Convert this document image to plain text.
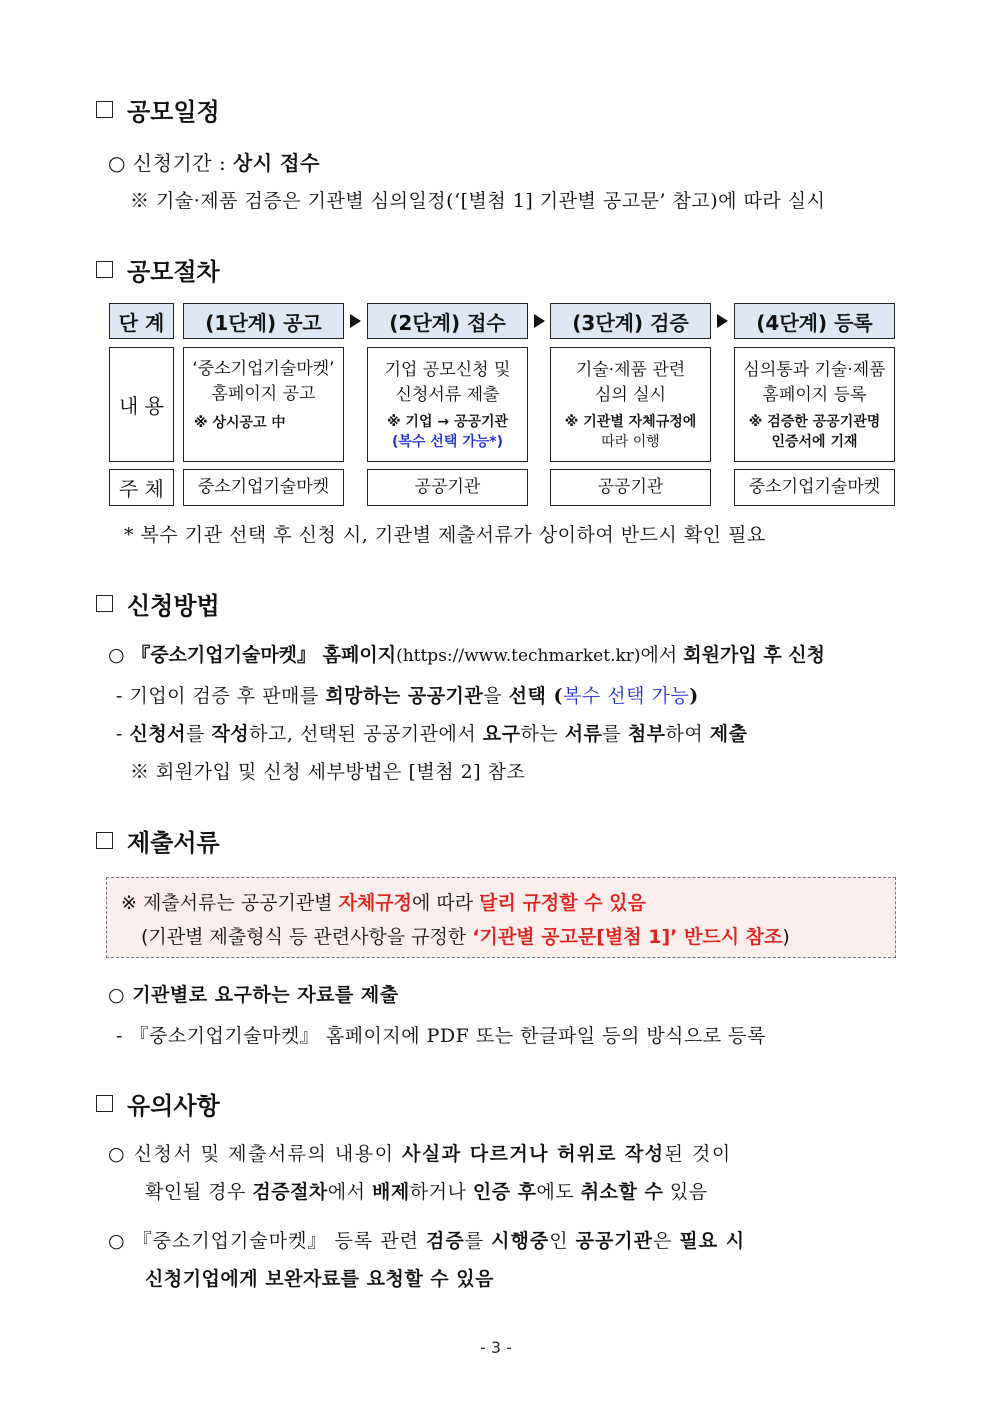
공모일정
○ 신청기간 : 상시 접수
※ 기술·제품 검증은 기관별 심의일정(‘[별첨 1] 기관별 공고문’ 참고)에 따라 실시
공모절차
단 계
내 용
주 체
(1단계) 공고
‘중소기업기술마켓’
홈페이지 공고
※ 상시공고 中
중소기업기술마켓
(2단계) 접수
기업 공모신청 및
신청서류 제출
※ 기업 → 공공기관
(복수 선택 가능*)
공공기관
(3단계) 검증
기술·제품 관련
심의 실시
※ 기관별 자체규정에
따라 이행
공공기관
(4단계) 등록
심의통과 기술·제품
홈페이지 등록
※ 검증한 공공기관명
인증서에 기재
중소기업기술마켓
* 복수 기관 선택 후 신청 시, 기관별 제출서류가 상이하여 반드시 확인 필요
신청방법
○ 『중소기업기술마켓』 홈페이지(https://www.techmarket.kr)에서 회원가입 후 신청
- 기업이 검증 후 판매를 희망하는 공공기관을 선택 (복수 선택 가능)
- 신청서를 작성하고, 선택된 공공기관에서 요구하는 서류를 첨부하여 제출
※ 회원가입 및 신청 세부방법은 [별첨 2] 참조
제출서류
※ 제출서류는 공공기관별 자체규정에 따라 달리 규정할 수 있음
(기관별 제출형식 등 관련사항을 규정한 ‘기관별 공고문[별첨 1]’ 반드시 참조)
○ 기관별로 요구하는 자료를 제출
- 『중소기업기술마켓』 홈페이지에 PDF 또는 한글파일 등의 방식으로 등록
유의사항
○ 신청서 및 제출서류의 내용이 사실과 다르거나 허위로 작성된 것이
확인될 경우 검증절차에서 배제하거나 인증 후에도 취소할 수 있음
○ 『중소기업기술마켓』 등록 관련 검증를 시행중인 공공기관은 필요 시
신청기업에게 보완자료를 요청할 수 있음
- 3 -
